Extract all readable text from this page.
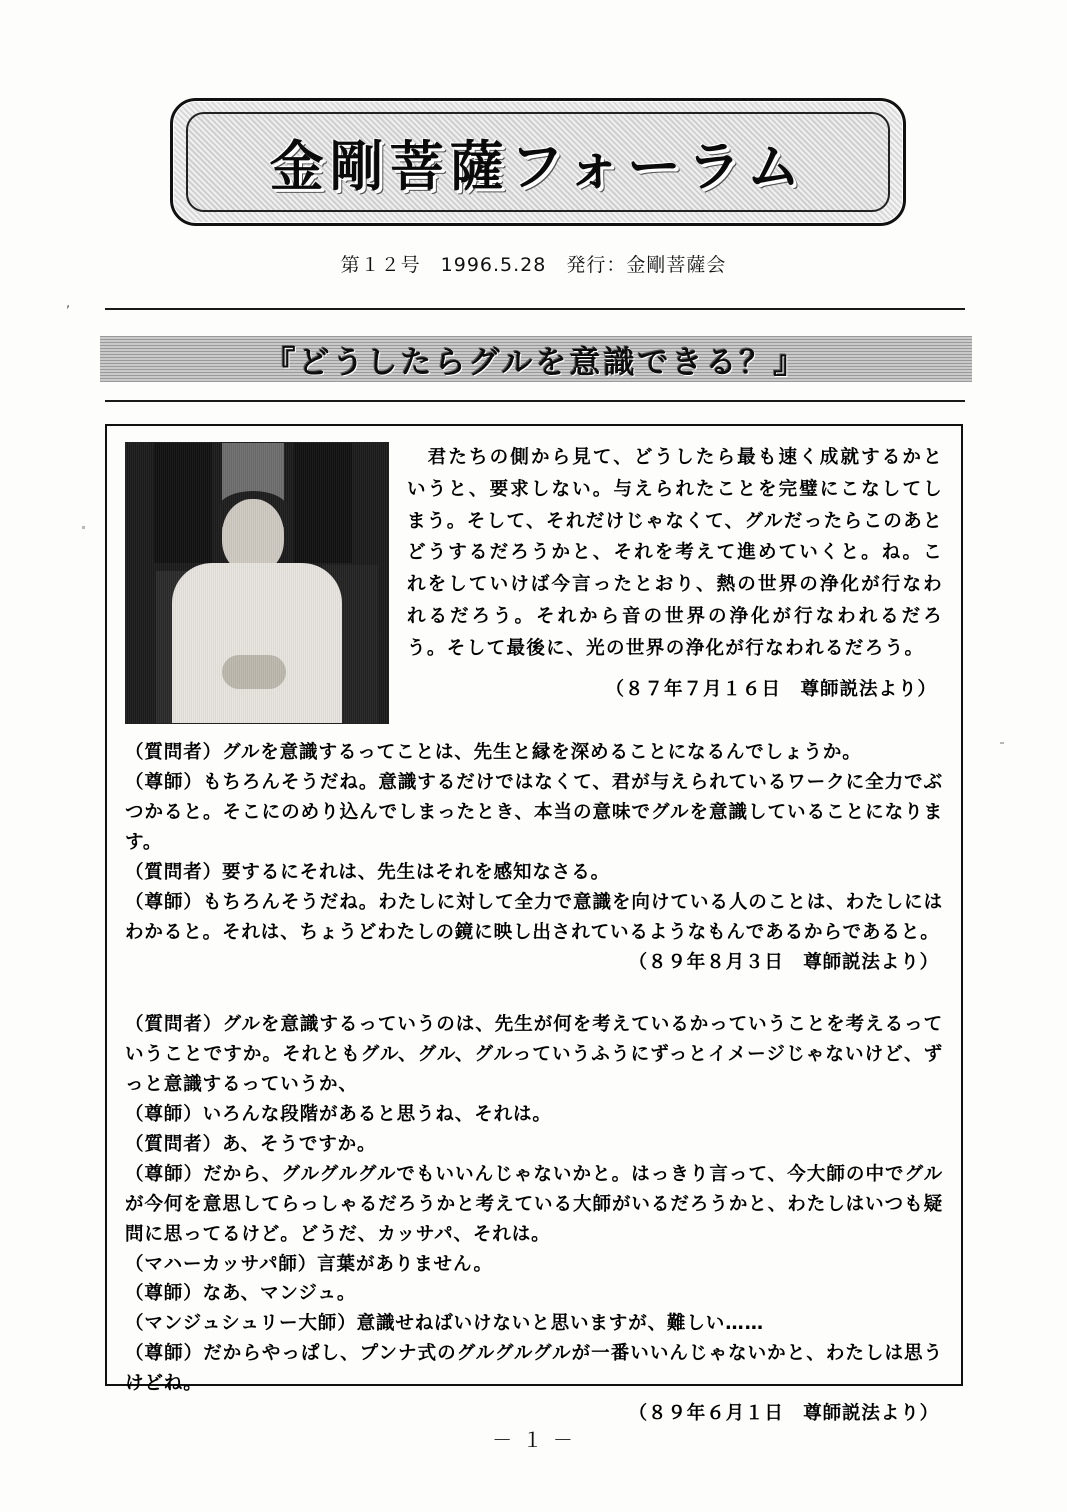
金剛菩薩フォーラム
第１２号　1996.5.28　発行：金剛菩薩会
,
『どうしたらグルを意識できる？』
　君たちの側から見て、どうしたら最も速く成就するかというと、要求しない。与えられたことを完璧にこなしてしまう。そして、それだけじゃなくて、グルだったらこのあとどうするだろうかと、それを考えて進めていくと。ね。これをしていけば今言ったとおり、熱の世界の浄化が行なわれるだろう。それから音の世界の浄化が行なわれるだろう。そして最後に、光の世界の浄化が行なわれるだろう。
（８７年７月１６日　尊師説法より）

（質問者）グルを意識するってことは、先生と縁を深めることになるんでしょうか。

（尊師）もちろんそうだね。意識するだけではなくて、君が与えられているワークに全力でぶつかると。そこにのめり込んでしまったとき、本当の意味でグルを意識していることになります。

（質問者）要するにそれは、先生はそれを感知なさる。

（尊師）もちろんそうだね。わたしに対して全力で意識を向けている人のことは、わたしにはわかると。それは、ちょうどわたしの鏡に映し出されているようなもんであるからであると。

（８９年８月３日　尊師説法より）

（質問者）グルを意識するっていうのは、先生が何を考えているかっていうことを考えるっていうことですか。それともグル、グル、グルっていうふうにずっとイメージじゃないけど、ずっと意識するっていうか、

（尊師）いろんな段階があると思うね、それは。

（質問者）あ、そうですか。

（尊師）だから、グルグルグルでもいいんじゃないかと。はっきり言って、今大師の中でグルが今何を意思してらっしゃるだろうかと考えている大師がいるだろうかと、わたしはいつも疑問に思ってるけど。どうだ、カッサパ、それは。

（マハーカッサパ師）言葉がありません。

（尊師）なあ、マンジュ。

（マンジュシュリー大師）意識せねばいけないと思いますが、難しい……

（尊師）だからやっぱし、プンナ式のグルグルグルが一番いいんじゃないかと、わたしは思うけどね。

（８９年６月１日　尊師説法より）
－ １ －
